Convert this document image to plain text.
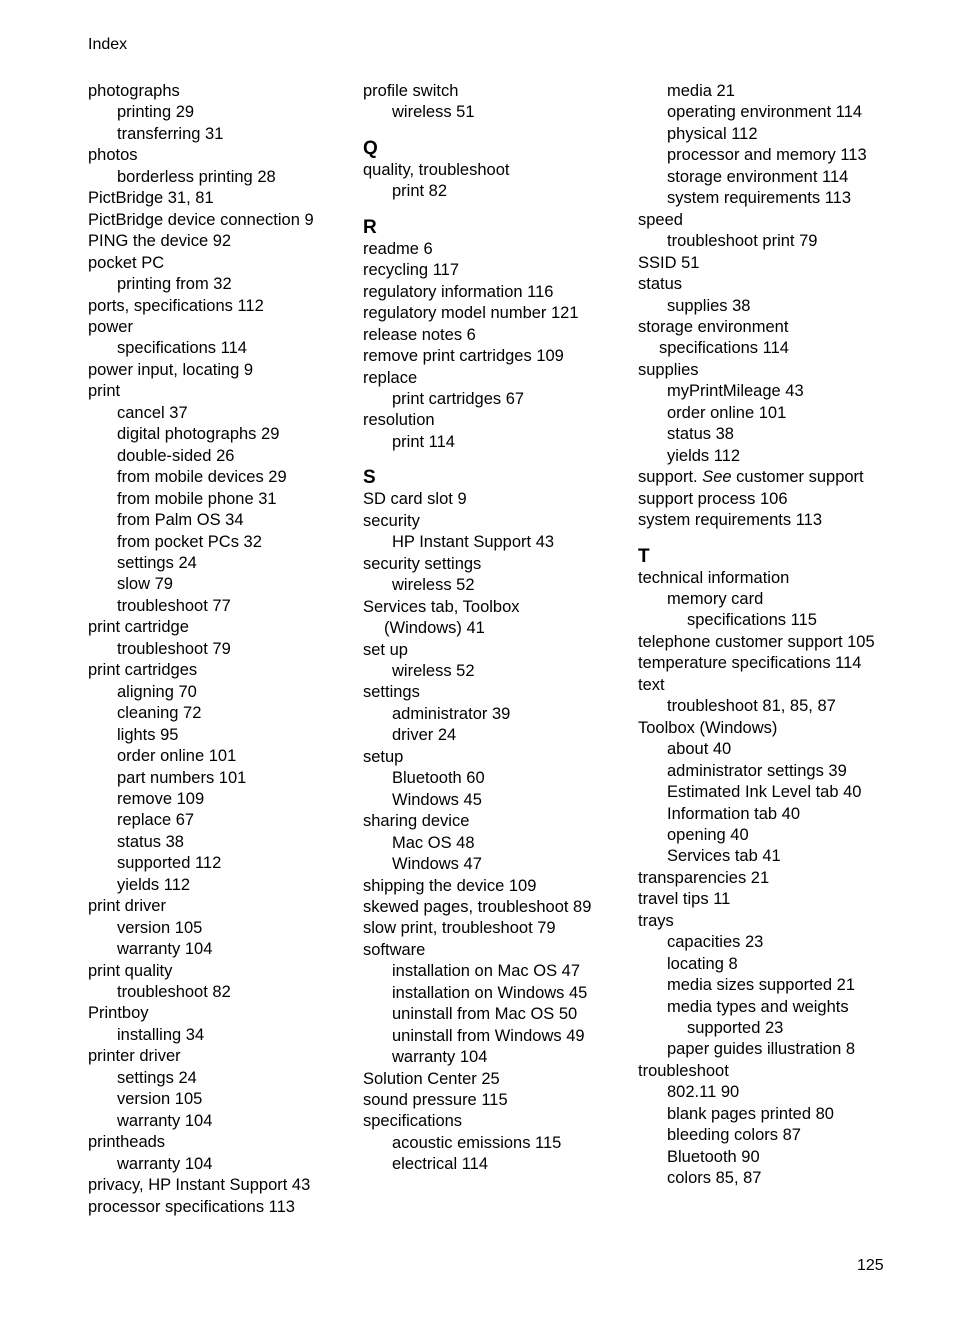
Index
photographs
printing 29
transferring 31
photos
borderless printing 28
PictBridge 31, 81
PictBridge device connection 9
PING the device 92
pocket PC
printing from 32
ports, specifications 112
power
specifications 114
power input, locating 9
print
cancel 37
digital photographs 29
double-sided 26
from mobile devices 29
from mobile phone 31
from Palm OS 34
from pocket PCs 32
settings 24
slow 79
troubleshoot 77
print cartridge
troubleshoot 79
print cartridges
aligning 70
cleaning 72
lights 95
order online 101
part numbers 101
remove 109
replace 67
status 38
supported 112
yields 112
print driver
version 105
warranty 104
print quality
troubleshoot 82
Printboy
installing 34
printer driver
settings 24
version 105
warranty 104
printheads
warranty 104
privacy, HP Instant Support 43
processor specifications 113
profile switch
wireless 51
Q
quality, troubleshoot
print 82
R
readme 6
recycling 117
regulatory information 116
regulatory model number 121
release notes 6
remove print cartridges 109
replace
print cartridges 67
resolution
print 114
S
SD card slot 9
security
HP Instant Support 43
security settings
wireless 52
Services tab, Toolbox
(Windows) 41
set up
wireless 52
settings
administrator 39
driver 24
setup
Bluetooth 60
Windows 45
sharing device
Mac OS 48
Windows 47
shipping the device 109
skewed pages, troubleshoot 89
slow print, troubleshoot 79
software
installation on Mac OS 47
installation on Windows 45
uninstall from Mac OS 50
uninstall from Windows 49
warranty 104
Solution Center 25
sound pressure 115
specifications
acoustic emissions 115
electrical 114
media 21
operating environment 114
physical 112
processor and memory 113
storage environment 114
system requirements 113
speed
troubleshoot print 79
SSID 51
status
supplies 38
storage environment
specifications 114
supplies
myPrintMileage 43
order online 101
status 38
yields 112
support. See customer support
support process 106
system requirements 113
T
technical information
memory card
specifications 115
telephone customer support 105
temperature specifications 114
text
troubleshoot 81, 85, 87
Toolbox (Windows)
about 40
administrator settings 39
Estimated Ink Level tab 40
Information tab 40
opening 40
Services tab 41
transparencies 21
travel tips 11
trays
capacities 23
locating 8
media sizes supported 21
media types and weights
supported 23
paper guides illustration 8
troubleshoot
802.11 90
blank pages printed 80
bleeding colors 87
Bluetooth 90
colors 85, 87
125
